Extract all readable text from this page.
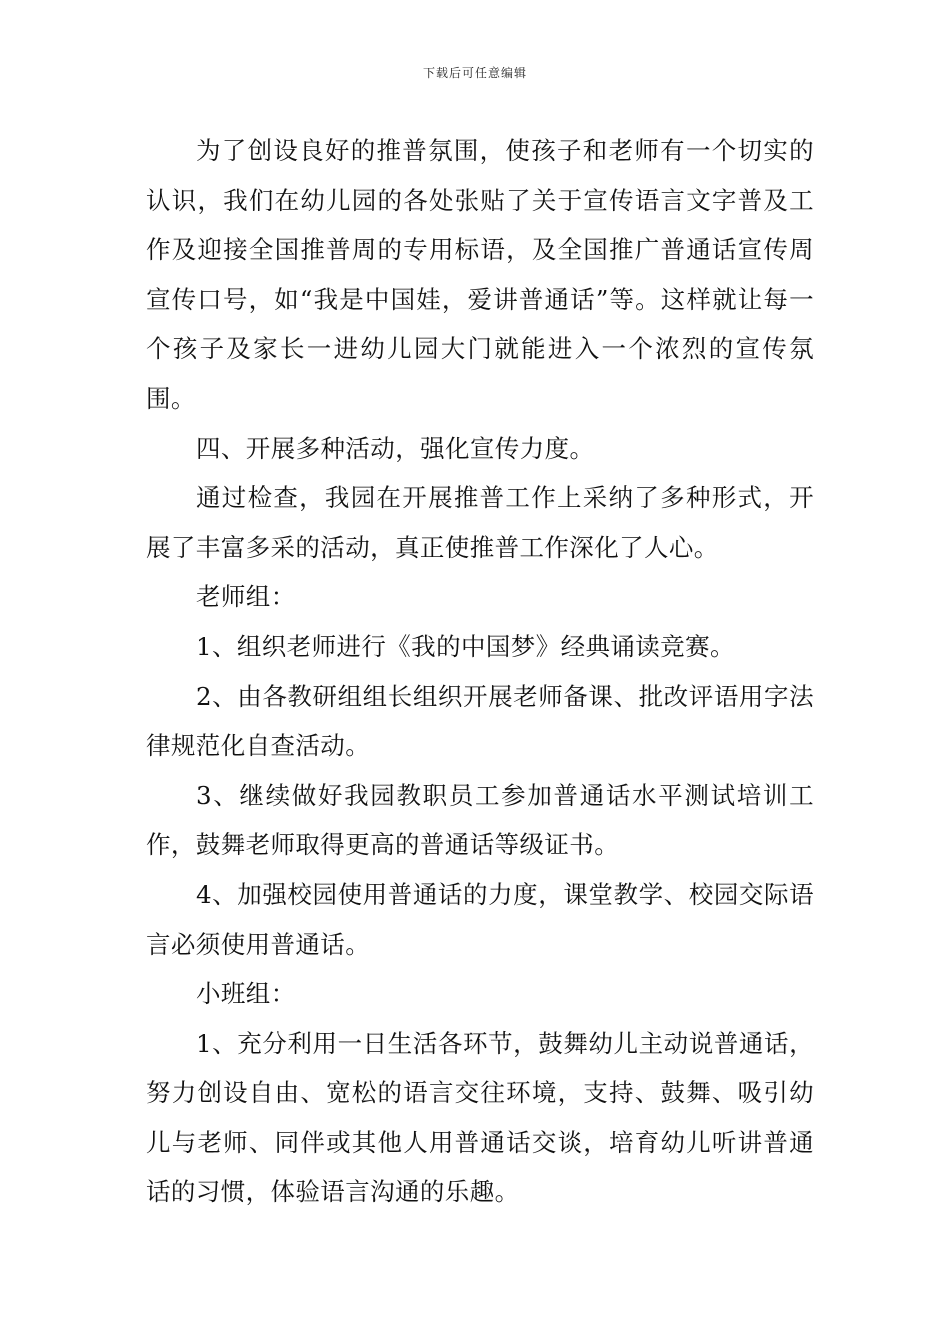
下载后可任意编辑

为了创设良好的推普氛围，使孩子和老师有一个切实的认识，我们在幼儿园的各处张贴了关于宣传语言文字普及工作及迎接全国推普周的专用标语，及全国推广普通话宣传周宣传口号，如“我是中国娃，爱讲普通话”等。这样就让每一个孩子及家长一进幼儿园大门就能进入一个浓烈的宣传氛围。

四、开展多种活动，强化宣传力度。

通过检查，我园在开展推普工作上采纳了多种形式，开展了丰富多采的活动，真正使推普工作深化了人心。

老师组：

1、组织老师进行《我的中国梦》经典诵读竞赛。

2、由各教研组组长组织开展老师备课、批改评语用字法律规范化自查活动。

3、继续做好我园教职员工参加普通话水平测试培训工作，鼓舞老师取得更高的普通话等级证书。

4、加强校园使用普通话的力度，课堂教学、校园交际语言必须使用普通话。

小班组：

1、充分利用一日生活各环节，鼓舞幼儿主动说普通话，努力创设自由、宽松的语言交往环境，支持、鼓舞、吸引幼儿与老师、同伴或其他人用普通话交谈，培育幼儿听讲普通话的习惯，体验语言沟通的乐趣。
